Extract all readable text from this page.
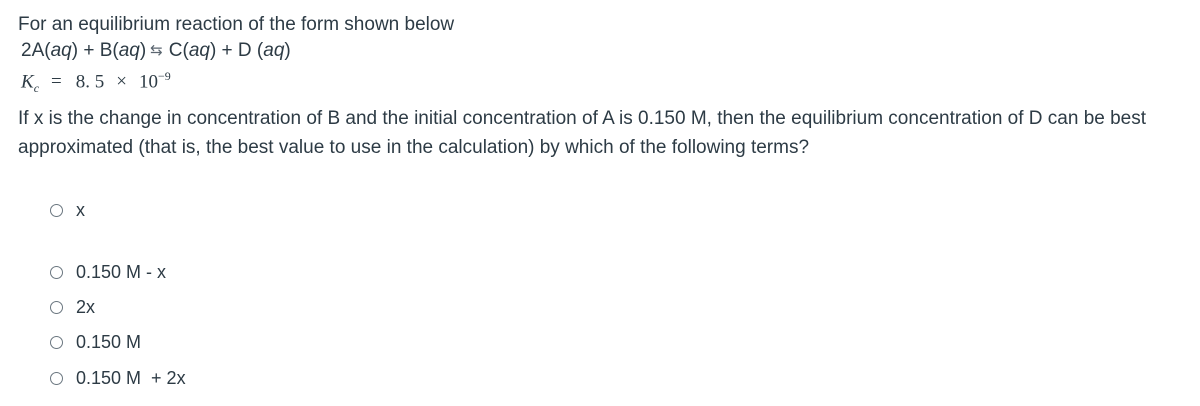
For an equilibrium reaction of the form shown below
2A(aq) + B(aq) ⇆ C(aq) + D (aq)
$K_c = 8$. $5 \times 10^{-9}$
If x is the change in concentration of B and the initial concentration of A is 0.150 M, then the equilibrium concentration of D can be best approximated (that is, the best value to use in the calculation) by which of the following terms?
x
0.150 M - x
2x
0.150 M
0.150 M  + 2x
